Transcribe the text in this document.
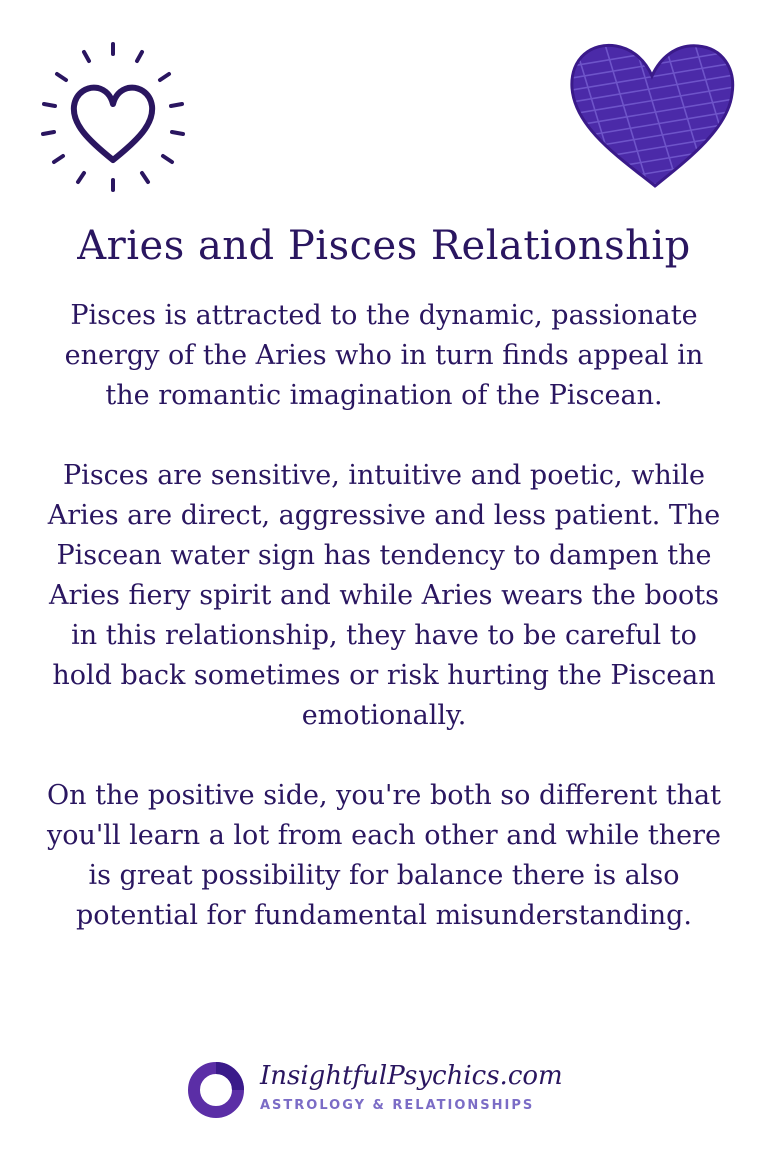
Aries and Pisces Relationship

Pisces is attracted to the dynamic, passionate energy of the Aries who in turn finds appeal in the romantic imagination of the Piscean.

Pisces are sensitive, intuitive and poetic, while Aries are direct, aggressive and less patient. The Piscean water sign has tendency to dampen the Aries fiery spirit and while Aries wears the boots in this relationship, they have to be careful to hold back sometimes or risk hurting the Piscean emotionally.

On the positive side, you're both so different that you'll learn a lot from each other and while there is great possibility for balance there is also potential for fundamental misunderstanding.

InsightfulPsychics.com
ASTROLOGY & RELATIONSHIPS
